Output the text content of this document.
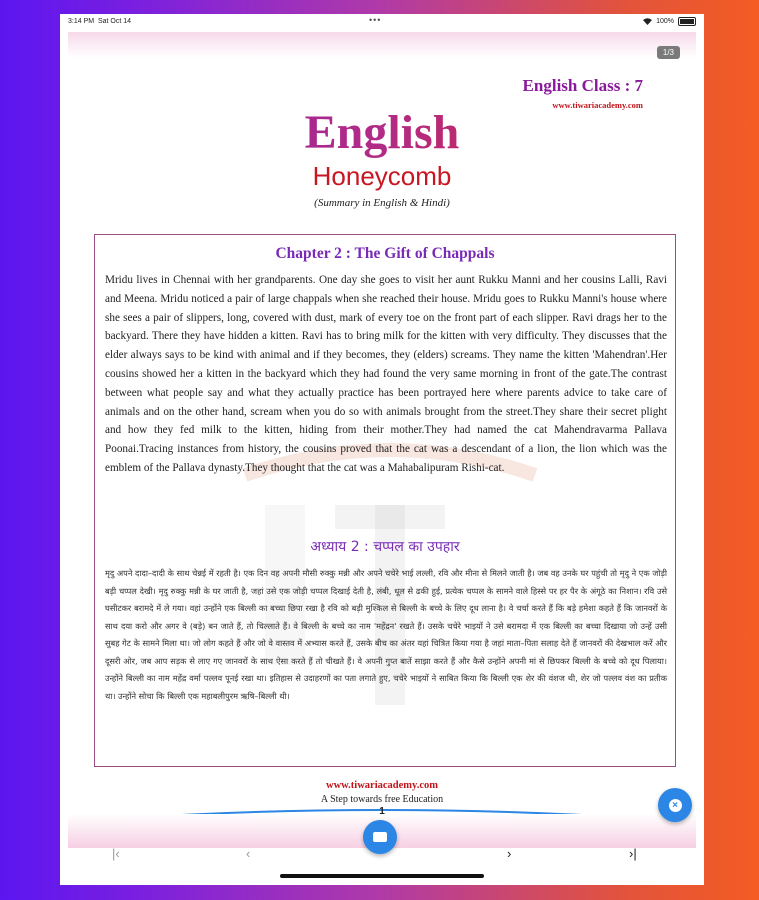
3:14 PM Sat Oct 14	•••	100%
1/3
English Class : 7
English
Honeycomb
(Summary in English & Hindi)
Chapter 2 : The Gift of Chappals

Mridu lives in Chennai with her grandparents. One day she goes to visit her aunt Rukku Manni and her cousins Lalli, Ravi and Meena. Mridu noticed a pair of large chappals when she reached their house. Mridu goes to Rukku Manni's house where she sees a pair of slippers, long, covered with dust, mark of every toe on the front part of each slipper. Ravi drags her to the backyard. There they have hidden a kitten. Ravi has to bring milk for the kitten with very difficulty. They discusses that the elder always says to be kind with animal and if they becomes, they (elders) screams. They name the kitten 'Mahendran'.Her cousins showed her a kitten in the backyard which they had found the very same morning in front of the gate.The contrast between what people say and what they actually practice has been portrayed here where parents advice to take care of animals and on the other hand, scream when you do so with animals brought from the street.They share their secret plight and how they fed milk to the kitten, hiding from their mother.They had named the cat Mahendravarma Pallava Poonai.Tracing instances from history, the cousins proved that the cat was a descendant of a lion, the lion which was the emblem of the Pallava dynasty.They thought that the cat was a Mahabalipuram Rishi-cat.

अध्याय 2 : चप्पल का उपहार

मृदु अपने दादा–दादी के साथ चेन्नई में रहती है। एक दिन वह अपनी मौसी रुक्कु मन्नी और अपने चचेरे भाई लल्ली, रवि और मीना से मिलने जाती है। जब वह उनके घर पहुंची तो मृदु ने एक जोड़ी बड़ी चप्पल देखी। मृदु रुक्कु मन्नी के घर जाती है, जहां उसे एक जोड़ी चप्पल दिखाई देती है, लंबी, धूल से ढकी हुई, प्रत्येक चप्पल के सामने वाले हिस्से पर हर पैर के अंगूठे का निशान। रवि उसे घसीटकर बरामदे में ले गया। वहां उन्होंने एक बिल्ली का बच्चा छिपा रखा है रवि को बड़ी मुश्किल से बिल्ली के बच्चे के लिए दूध लाना है। वे चर्चा करते हैं कि बड़े हमेशा कहते हैं कि जानवरों के साथ दया करो और अगर वे (बड़े) बन जाते हैं, तो चिल्लाते हैं। वे बिल्ली के बच्चे का नाम 'महेंद्रन' रखते हैं। उसके चचेरे भाइयों ने उसे बरामदा में एक बिल्ली का बच्चा दिखाया जो उन्हें उसी सुबह गेट के सामने मिला था। जो लोग कहते हैं और जो वे वास्तव में अभ्यास करते हैं, उसके बीच का अंतर यहां चित्रित किया गया है जहां माता–पिता सलाह देते हैं जानवरों की देखभाल करें और दूसरी ओर, जब आप सड़क से लाए गए जानवरों के साथ ऐसा करते हैं तो चीखते हैं। वे अपनी गुप्त बातें साझा करते हैं और कैसे उन्होंने अपनी मां से छिपकर बिल्ली के बच्चे को दूध पिलाया। उन्होंने बिल्ली का नाम महेंद्र वर्मा पल्लव पूनई रखा था। इतिहास से उदाहरणों का पता लगाते हुए, चचेरे भाइयों ने साबित किया कि बिल्ली एक शेर की वंशज थी, शेर जो पल्लव वंश का प्रतीक था। उन्होंने सोचा कि बिल्ली एक महाबलीपुरम ऋषि–बिल्ली थी।

www.tiwariacademy.com
A Step towards free Education
1
×
|‹	‹	›	›|
